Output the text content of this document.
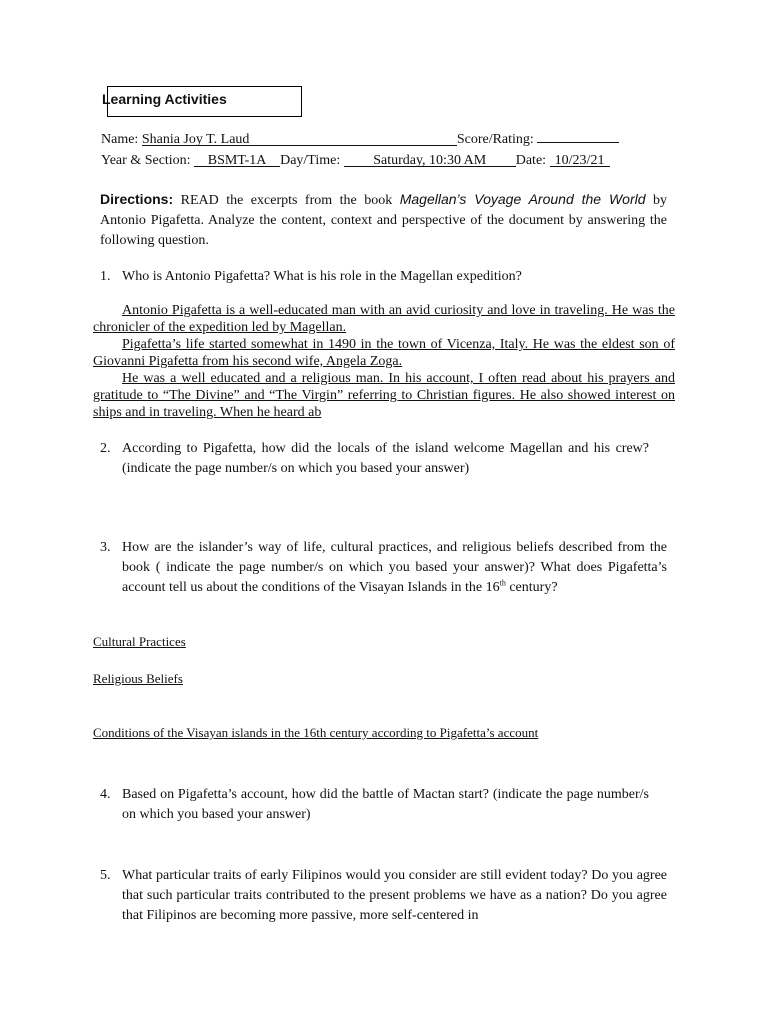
Learning Activities
Name: Shania Joy T. Laud	Score/Rating:
Year & Section: BSMT-1A Day/Time: Saturday, 10:30 AM Date: 10/23/21
Directions: READ the excerpts from the book Magellan’s Voyage Around the World by Antonio Pigafetta. Analyze the content, context and perspective of the document by answering the following question.
1. Who is Antonio Pigafetta? What is his role in the Magellan expedition?
Antonio Pigafetta is a well-educated man with an avid curiosity and love in traveling. He was the chronicler of the expedition led by Magellan.
Pigafetta’s life started somewhat in 1490 in the town of Vicenza, Italy. He was the eldest son of Giovanni Pigafetta from his second wife, Angela Zoga.
He was a well educated and a religious man. In his account, I often read about his prayers and gratitude to “The Divine” and “The Virgin” referring to Christian figures. He also showed interest on ships and in traveling. When he heard ab
2. According to Pigafetta, how did the locals of the island welcome Magellan and his crew? (indicate the page number/s on which you based your answer)
3. How are the islander’s way of life, cultural practices, and religious beliefs described from the book ( indicate the page number/s on which you based your answer)? What does Pigafetta’s account tell us about the conditions of the Visayan Islands in the 16th century?
Cultural Practices
Religious Beliefs
Conditions of the Visayan islands in the 16th century according to Pigafetta’s account
4. Based on Pigafetta’s account, how did the battle of Mactan start? (indicate the page number/s on which you based your answer)
5. What particular traits of early Filipinos would you consider are still evident today? Do you agree that such particular traits contributed to the present problems we have as a nation? Do you agree that Filipinos are becoming more passive, more self-centered in
